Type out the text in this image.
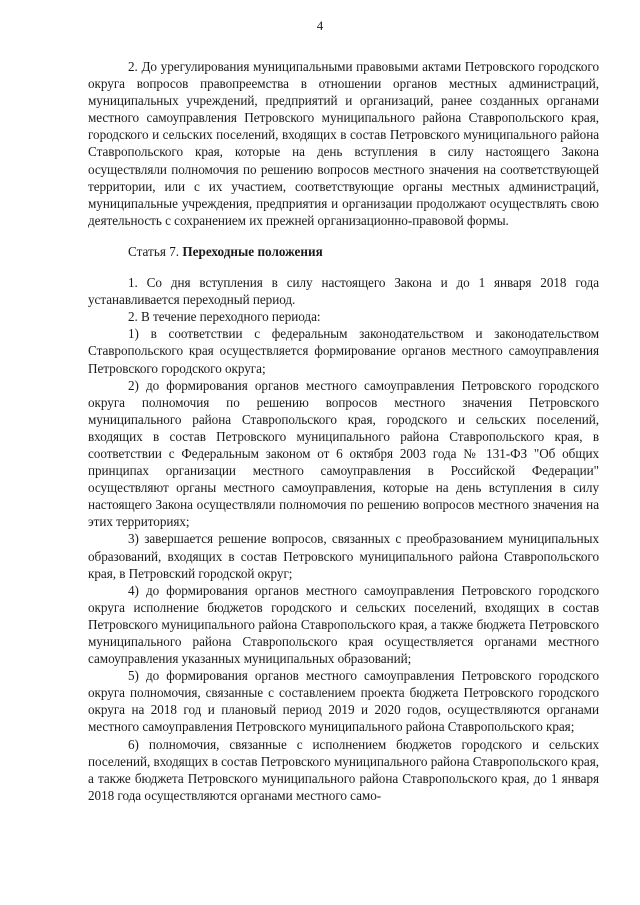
4

2. До урегулирования муниципальными правовыми актами Петровского городского округа вопросов правопреемства в отношении органов местных администраций, муниципальных учреждений, предприятий и организаций, ранее созданных органами местного самоуправления Петровского муниципального района Ставропольского края, городского и сельских поселений, входящих в состав Петровского муниципального района Ставропольского края, которые на день вступления в силу настоящего Закона осуществляли полномочия по решению вопросов местного значения на соответствующей территории, или с их участием, соответствующие органы местных администраций, муниципальные учреждения, предприятия и организации продолжают осуществлять свою деятельность с сохранением их прежней организационно-правовой формы.

Статья 7. Переходные положения

1. Со дня вступления в силу настоящего Закона и до 1 января 2018 года устанавливается переходный период.

2. В течение переходного периода:

1) в соответствии с федеральным законодательством и законодательством Ставропольского края осуществляется формирование органов местного самоуправления Петровского городского округа;

2) до формирования органов местного самоуправления Петровского городского округа полномочия по решению вопросов местного значения Петровского муниципального района Ставропольского края, городского и сельских поселений, входящих в состав Петровского муниципального района Ставропольского края, в соответствии с Федеральным законом от 6 октября 2003 года № 131-ФЗ "Об общих принципах организации местного самоуправления в Российской Федерации" осуществляют органы местного самоуправления, которые на день вступления в силу настоящего Закона осуществляли полномочия по решению вопросов местного значения на этих территориях;

3) завершается решение вопросов, связанных с преобразованием муниципальных образований, входящих в состав Петровского муниципального района Ставропольского края, в Петровский городской округ;

4) до формирования органов местного самоуправления Петровского городского округа исполнение бюджетов городского и сельских поселений, входящих в состав Петровского муниципального района Ставропольского края, а также бюджета Петровского муниципального района Ставропольского края осуществляется органами местного самоуправления указанных муниципальных образований;

5) до формирования органов местного самоуправления Петровского городского округа полномочия, связанные с составлением проекта бюджета Петровского городского округа на 2018 год и плановый период 2019 и 2020 годов, осуществляются органами местного самоуправления Петровского муниципального района Ставропольского края;

6) полномочия, связанные с исполнением бюджетов городского и сельских поселений, входящих в состав Петровского муниципального района Ставропольского края, а также бюджета Петровского муниципального района Ставропольского края, до 1 января 2018 года осуществляются органами местного само-
